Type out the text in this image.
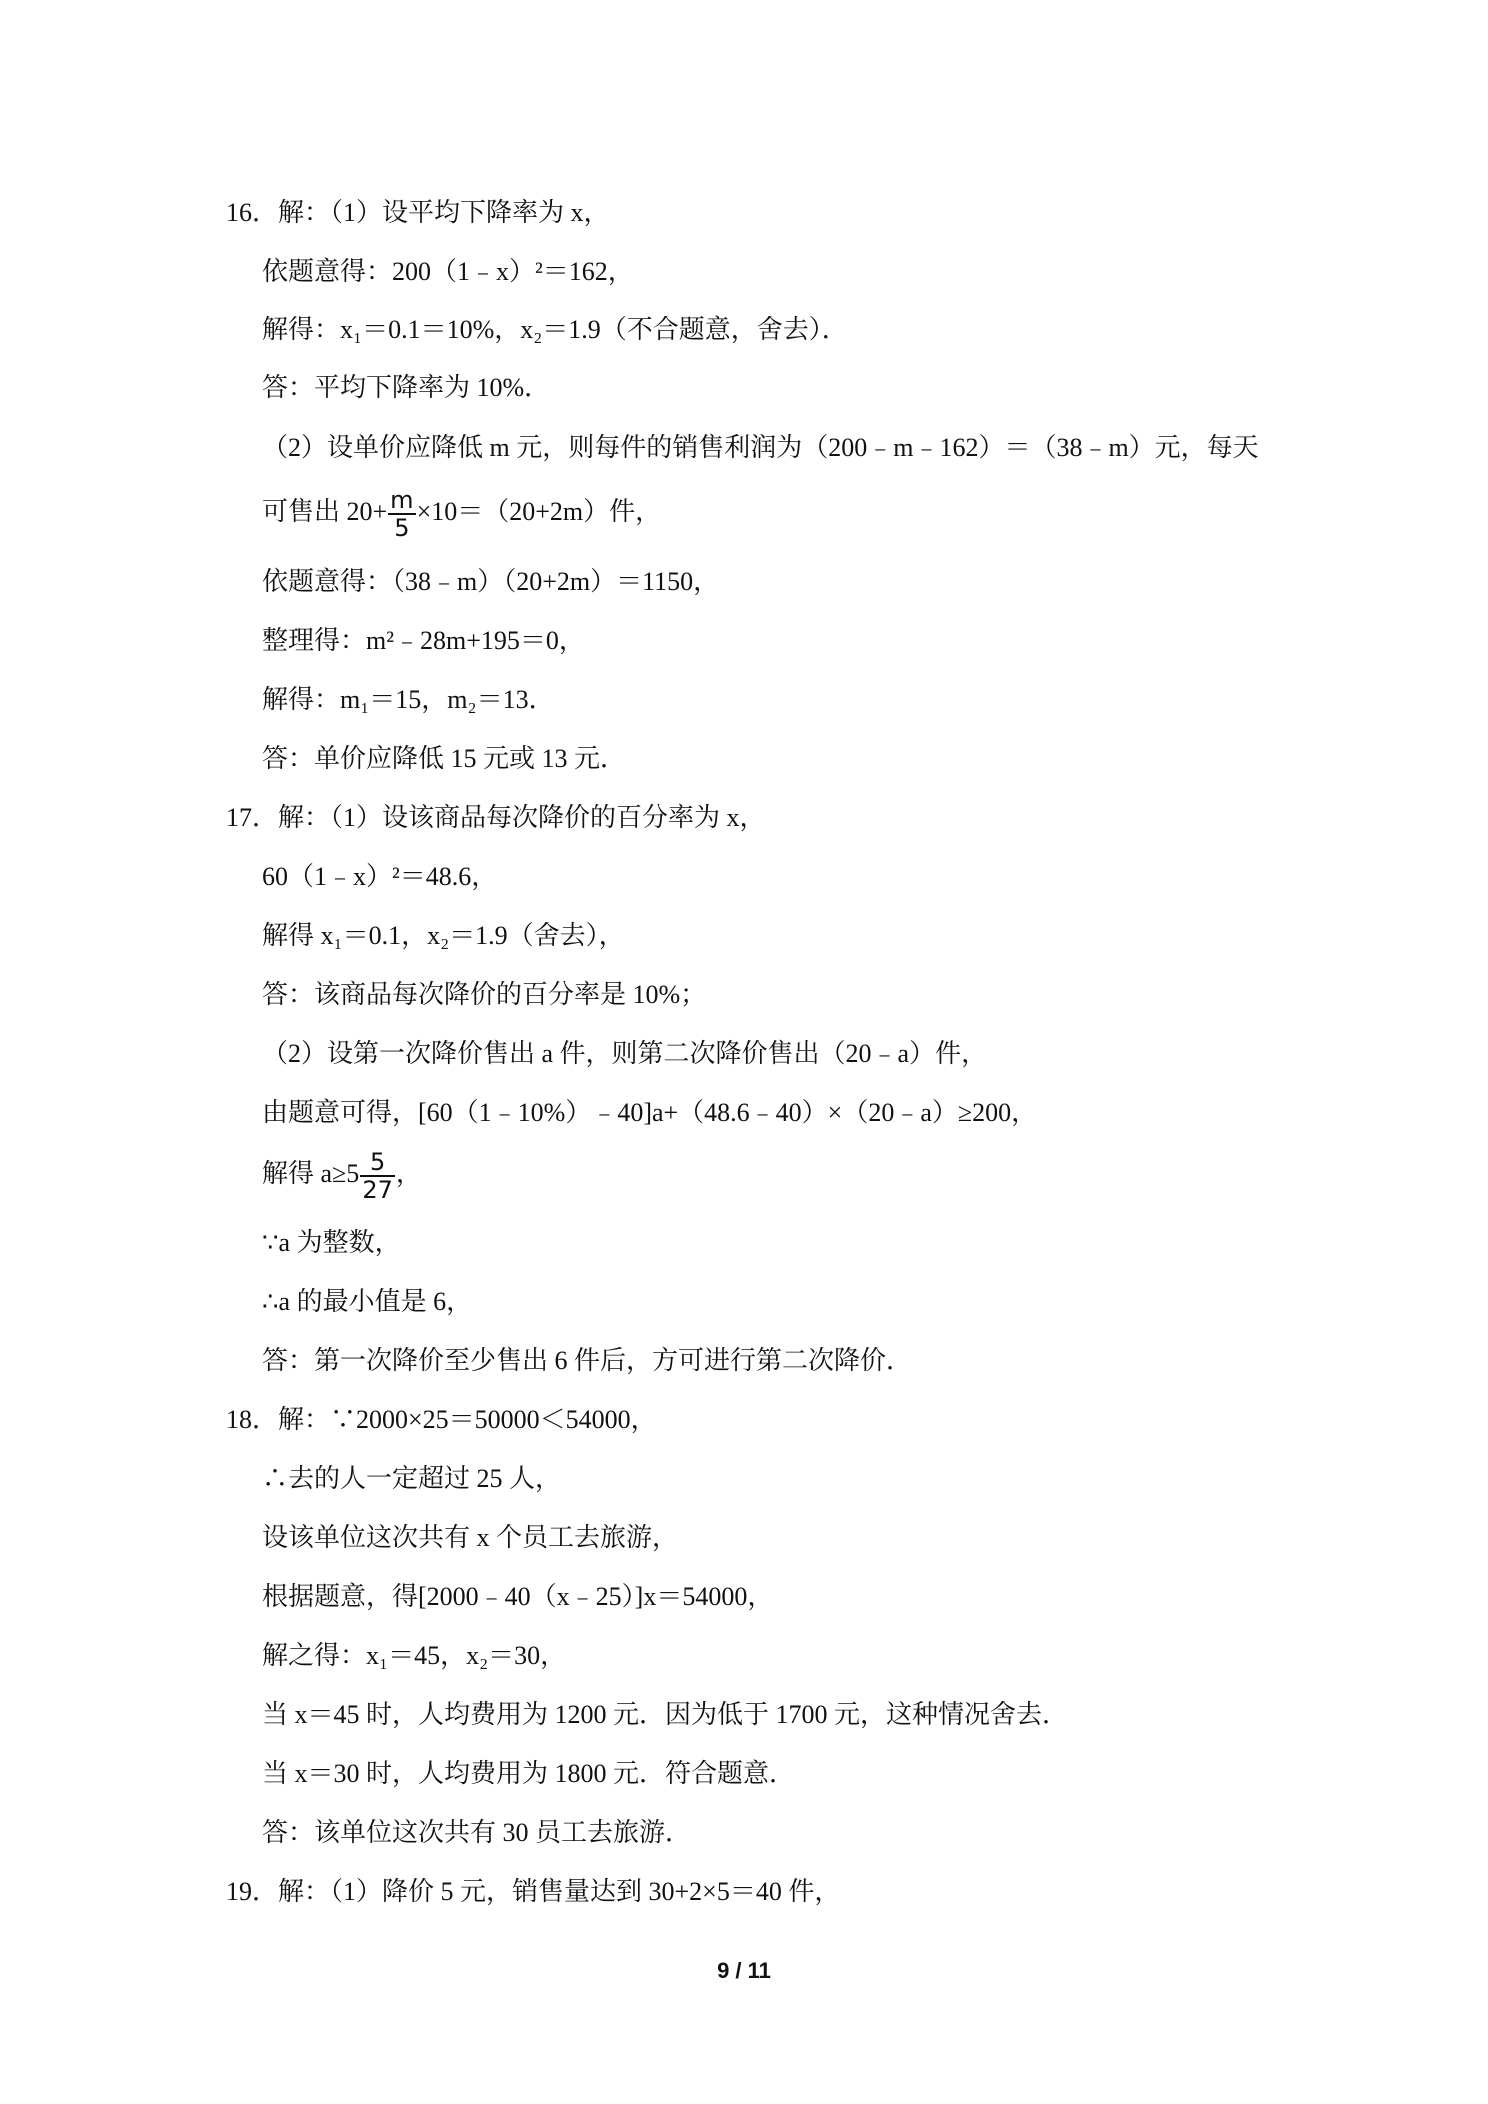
16．解：（1）设平均下降率为 x，
依题意得：200（1﹣x）²＝162，
解得：x₁＝0.1＝10%，x₂＝1.9（不合题意，舍去）．
答：平均下降率为 10%．
（2）设单价应降低 m 元，则每件的销售利润为（200﹣m﹣162）＝（38﹣m）元，每天
可售出 $20+ \frac{m}{5} \times 10=(20+2m)$件，
依题意得：（38﹣m）（20+2m）＝1150，
整理得：m²﹣28m+195＝0，
解得：m₁＝15，m₂＝13．
答：单价应降低 15 元或 13 元．
17．解：（1）设该商品每次降价的百分率为 x，
60（1﹣x）²＝48.6，
解得 x₁＝0.1，x₂＝1.9（舍去），
答：该商品每次降价的百分率是 10%；
（2）设第一次降价售出 a 件，则第二次降价售出（20﹣a）件，
由题意可得，[60（1﹣10%）﹣40]a+（48.6﹣40）×（20﹣a）≥200，
解得 $a\ge 5 \frac{5}{27}$ ，
∵a 为整数，
∴a 的最小值是 6，
答：第一次降价至少售出 6 件后，方可进行第二次降价．
18．解：∵2000×25＝50000＜54000，
∴去的人一定超过 25 人，
设该单位这次共有 x 个员工去旅游，
根据题意，得[2000﹣40（x﹣25）]x＝54000，
解之得：x₁＝45，x₂＝30，
当 x＝45 时，人均费用为 1200 元．因为低于 1700 元，这种情况舍去．
当 x＝30 时，人均费用为 1800 元．符合题意．
答：该单位这次共有 30 员工去旅游．
19．解：（1）降价 5 元，销售量达到 30+2×5＝40 件，
9 / 11
